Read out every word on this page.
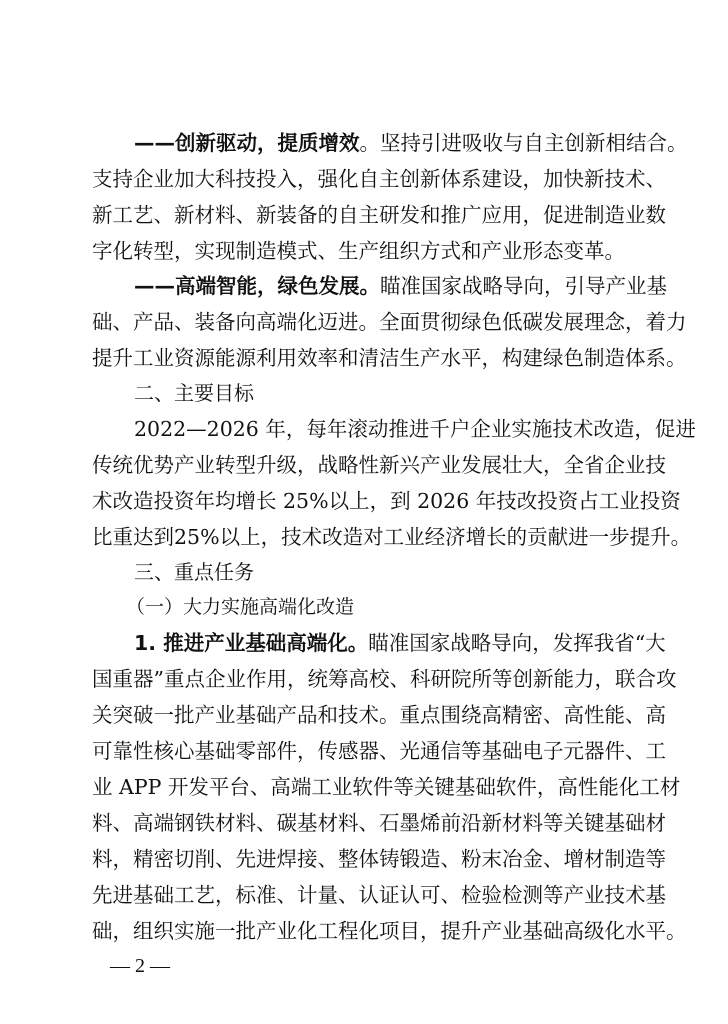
——创新驱动，提质增效。坚持引进吸收与自主创新相结合。
支持企业加大科技投入，强化自主创新体系建设，加快新技术、
新工艺、新材料、新装备的自主研发和推广应用，促进制造业数
字化转型，实现制造模式、生产组织方式和产业形态变革。
——高端智能，绿色发展。瞄准国家战略导向，引导产业基
础、产品、装备向高端化迈进。全面贯彻绿色低碳发展理念，着力
提升工业资源能源利用效率和清洁生产水平，构建绿色制造体系。
二、主要目标
2022—2026 年，每年滚动推进千户企业实施技术改造，促进
传统优势产业转型升级，战略性新兴产业发展壮大，全省企业技
术改造投资年均增长 25%以上，到 2026 年技改投资占工业投资
比重达到25%以上，技术改造对工业经济增长的贡献进一步提升。
三、重点任务
（一）大力实施高端化改造
1. 推进产业基础高端化。瞄准国家战略导向，发挥我省“大
国重器”重点企业作用，统筹高校、科研院所等创新能力，联合攻
关突破一批产业基础产品和技术。重点围绕高精密、高性能、高
可靠性核心基础零部件，传感器、光通信等基础电子元器件、工
业 APP 开发平台、高端工业软件等关键基础软件，高性能化工材
料、高端钢铁材料、碳基材料、石墨烯前沿新材料等关键基础材
料，精密切削、先进焊接、整体铸锻造、粉末冶金、增材制造等
先进基础工艺，标准、计量、认证认可、检验检测等产业技术基
础，组织实施一批产业化工程化项目，提升产业基础高级化水平。
— 2 —
